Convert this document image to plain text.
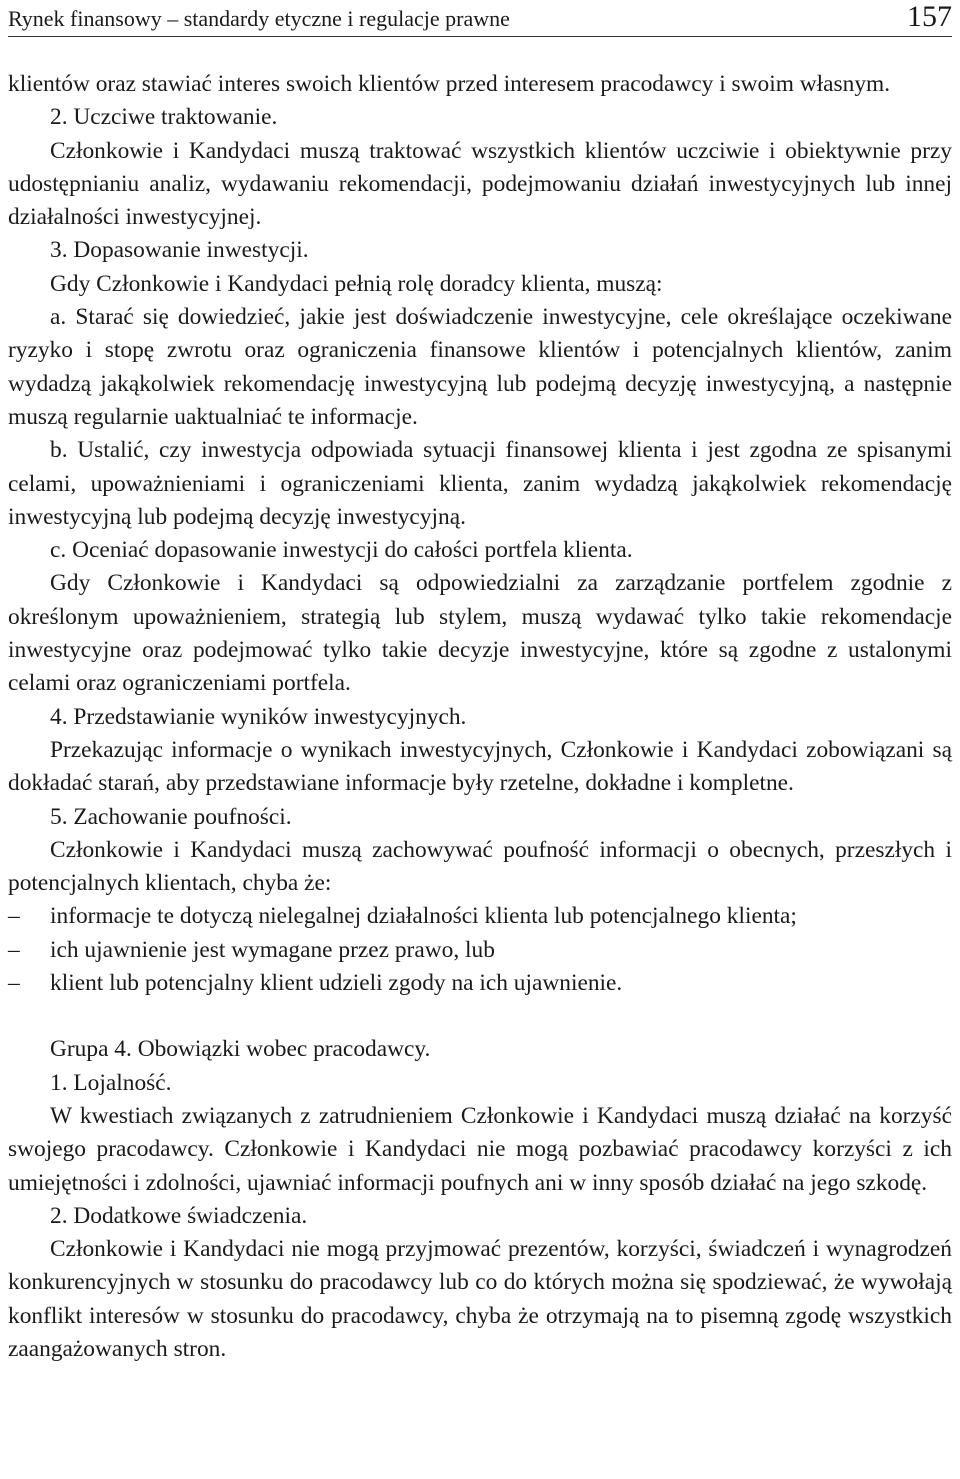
Rynek finansowy – standardy etyczne i regulacje prawne	157

klientów oraz stawiać interes swoich klientów przed interesem pracodawcy i swoim własnym.

2. Uczciwe traktowanie.

Członkowie i Kandydaci muszą traktować wszystkich klientów uczciwie i obiektywnie przy udostępnianiu analiz, wydawaniu rekomendacji, podejmowaniu działań inwestycyjnych lub innej działalności inwestycyjnej.

3. Dopasowanie inwestycji.

Gdy Członkowie i Kandydaci pełnią rolę doradcy klienta, muszą:

a. Starać się dowiedzieć, jakie jest doświadczenie inwestycyjne, cele określające oczekiwane ryzyko i stopę zwrotu oraz ograniczenia finansowe klientów i potencjalnych klientów, zanim wydadzą jakąkolwiek rekomendację inwestycyjną lub podejmą decyzję inwestycyjną, a następnie muszą regularnie uaktualniać te informacje.

b. Ustalić, czy inwestycja odpowiada sytuacji finansowej klienta i jest zgodna ze spisanymi celami, upoważnieniami i ograniczeniami klienta, zanim wydadzą jakąkolwiek rekomendację inwestycyjną lub podejmą decyzję inwestycyjną.

c. Oceniać dopasowanie inwestycji do całości portfela klienta.

Gdy Członkowie i Kandydaci są odpowiedzialni za zarządzanie portfelem zgodnie z określonym upoważnieniem, strategią lub stylem, muszą wydawać tylko takie rekomendacje inwestycyjne oraz podejmować tylko takie decyzje inwestycyjne, które są zgodne z ustalonymi celami oraz ograniczeniami portfela.

4. Przedstawianie wyników inwestycyjnych.

Przekazując informacje o wynikach inwestycyjnych, Członkowie i Kandydaci zobowiązani są dokładać starań, aby przedstawiane informacje były rzetelne, dokładne i kompletne.

5. Zachowanie poufności.

Członkowie i Kandydaci muszą zachowywać poufność informacji o obecnych, przeszłych i potencjalnych klientach, chyba że:

– informacje te dotyczą nielegalnej działalności klienta lub potencjalnego klienta;

– ich ujawnienie jest wymagane przez prawo, lub

– klient lub potencjalny klient udzieli zgody na ich ujawnienie.

Grupa 4. Obowiązki wobec pracodawcy.

1. Lojalność.

W kwestiach związanych z zatrudnieniem Członkowie i Kandydaci muszą działać na korzyść swojego pracodawcy. Członkowie i Kandydaci nie mogą pozbawiać pracodawcy korzyści z ich umiejętności i zdolności, ujawniać informacji poufnych ani w inny sposób działać na jego szkodę.

2. Dodatkowe świadczenia.

Członkowie i Kandydaci nie mogą przyjmować prezentów, korzyści, świadczeń i wynagrodzeń konkurencyjnych w stosunku do pracodawcy lub co do których można się spodziewać, że wywołają konflikt interesów w stosunku do pracodawcy, chyba że otrzymają na to pisemną zgodę wszystkich zaangażowanych stron.
